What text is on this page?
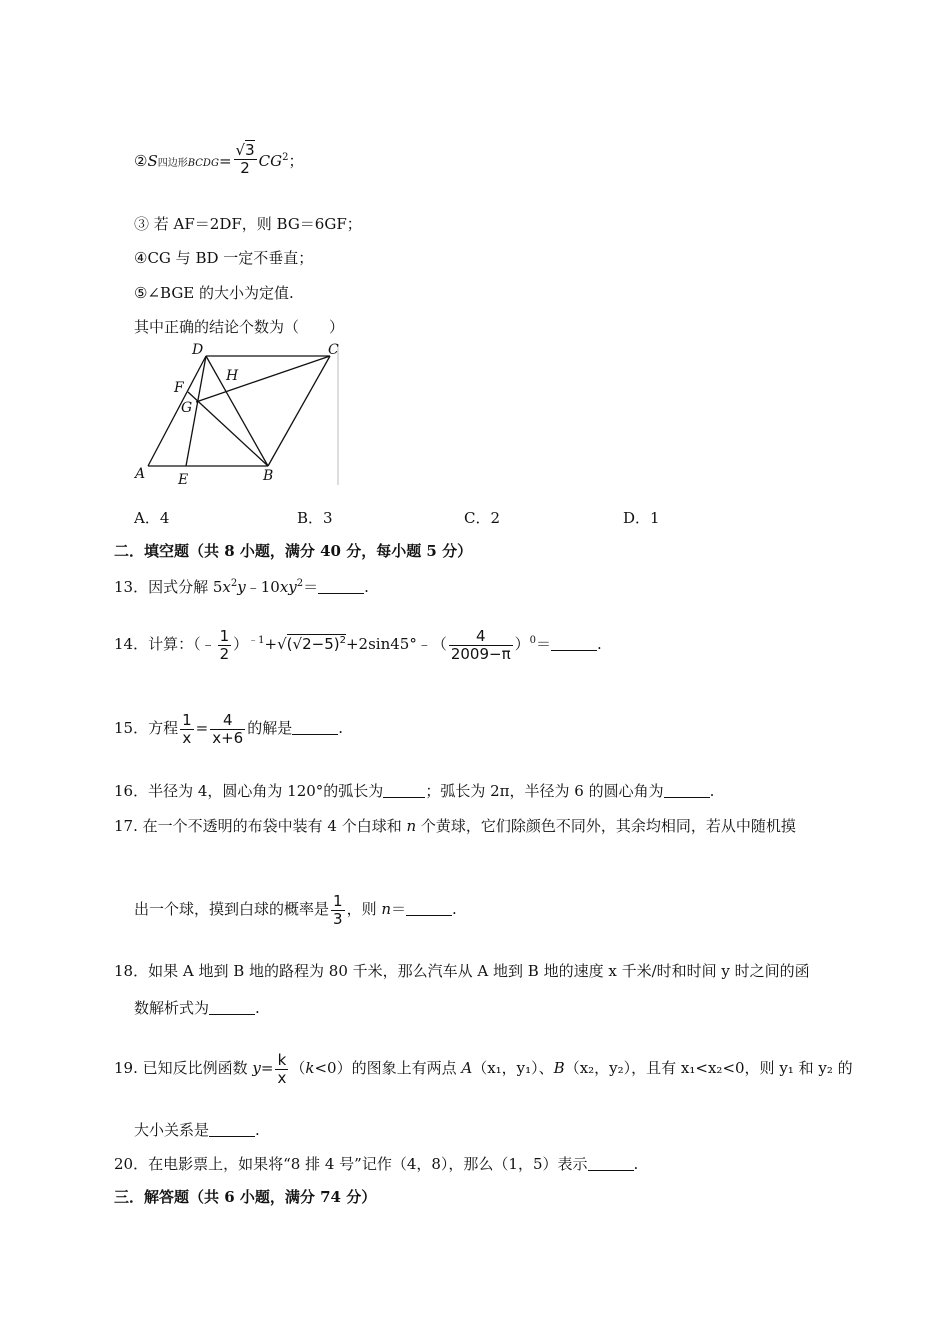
②S四边形BCDG= $\frac{√3}{2} CG^2$；
③ 若 AF＝2DF，则 BG＝6GF；
④CG 与 BD 一定不垂直；
⑤∠BGE 的大小为定值.
其中正确的结论个数为（　　）
D	C
H
F
G
A E	B
A．4	B．3	C．2	D．1
二．填空题（共 8 小题，满分 40 分，每小题 5 分）
13．因式分解 $5x^2y﹣10xy^2=$	.
14．计算：（﹣ $\frac{1}{2}$ ）$^{﹣1}+√(√2-5)^2+2\sin 45^\circ﹣( \frac{4}{2009-\pi} )^0=$	.
15．方程 $\frac{1}{x} = \frac{4}{x+6}$ 的解是	.
16．半径为 4，圆心角为 120°的弧长为	；弧长为 2π，半径为 6 的圆心角为	.
17. 在一个不透明的布袋中装有 4 个白球和 n 个黄球，它们除颜色不同外，其余均相同，若从中随机摸
出一个球，摸到白球的概率是 $\frac{1}{3}$ ，则 n＝	.
18．如果 A 地到 B 地的路程为 80 千米，那么汽车从 A 地到 B 地的速度 x 千米/时和时间 y 时之间的函
数解析式为	.
19. 已知反比例函数 $y= \frac{k}{x} (k<0)$的图象上有两点 A（x₁，y₁）、B（x₂，y₂），且有 x₁<x₂<0，则 y₁ 和 y₂ 的
大小关系是	.
20．在电影票上，如果将“8 排 4 号”记作（4，8），那么（1，5）表示	.
三．解答题（共 6 小题，满分 74 分）
